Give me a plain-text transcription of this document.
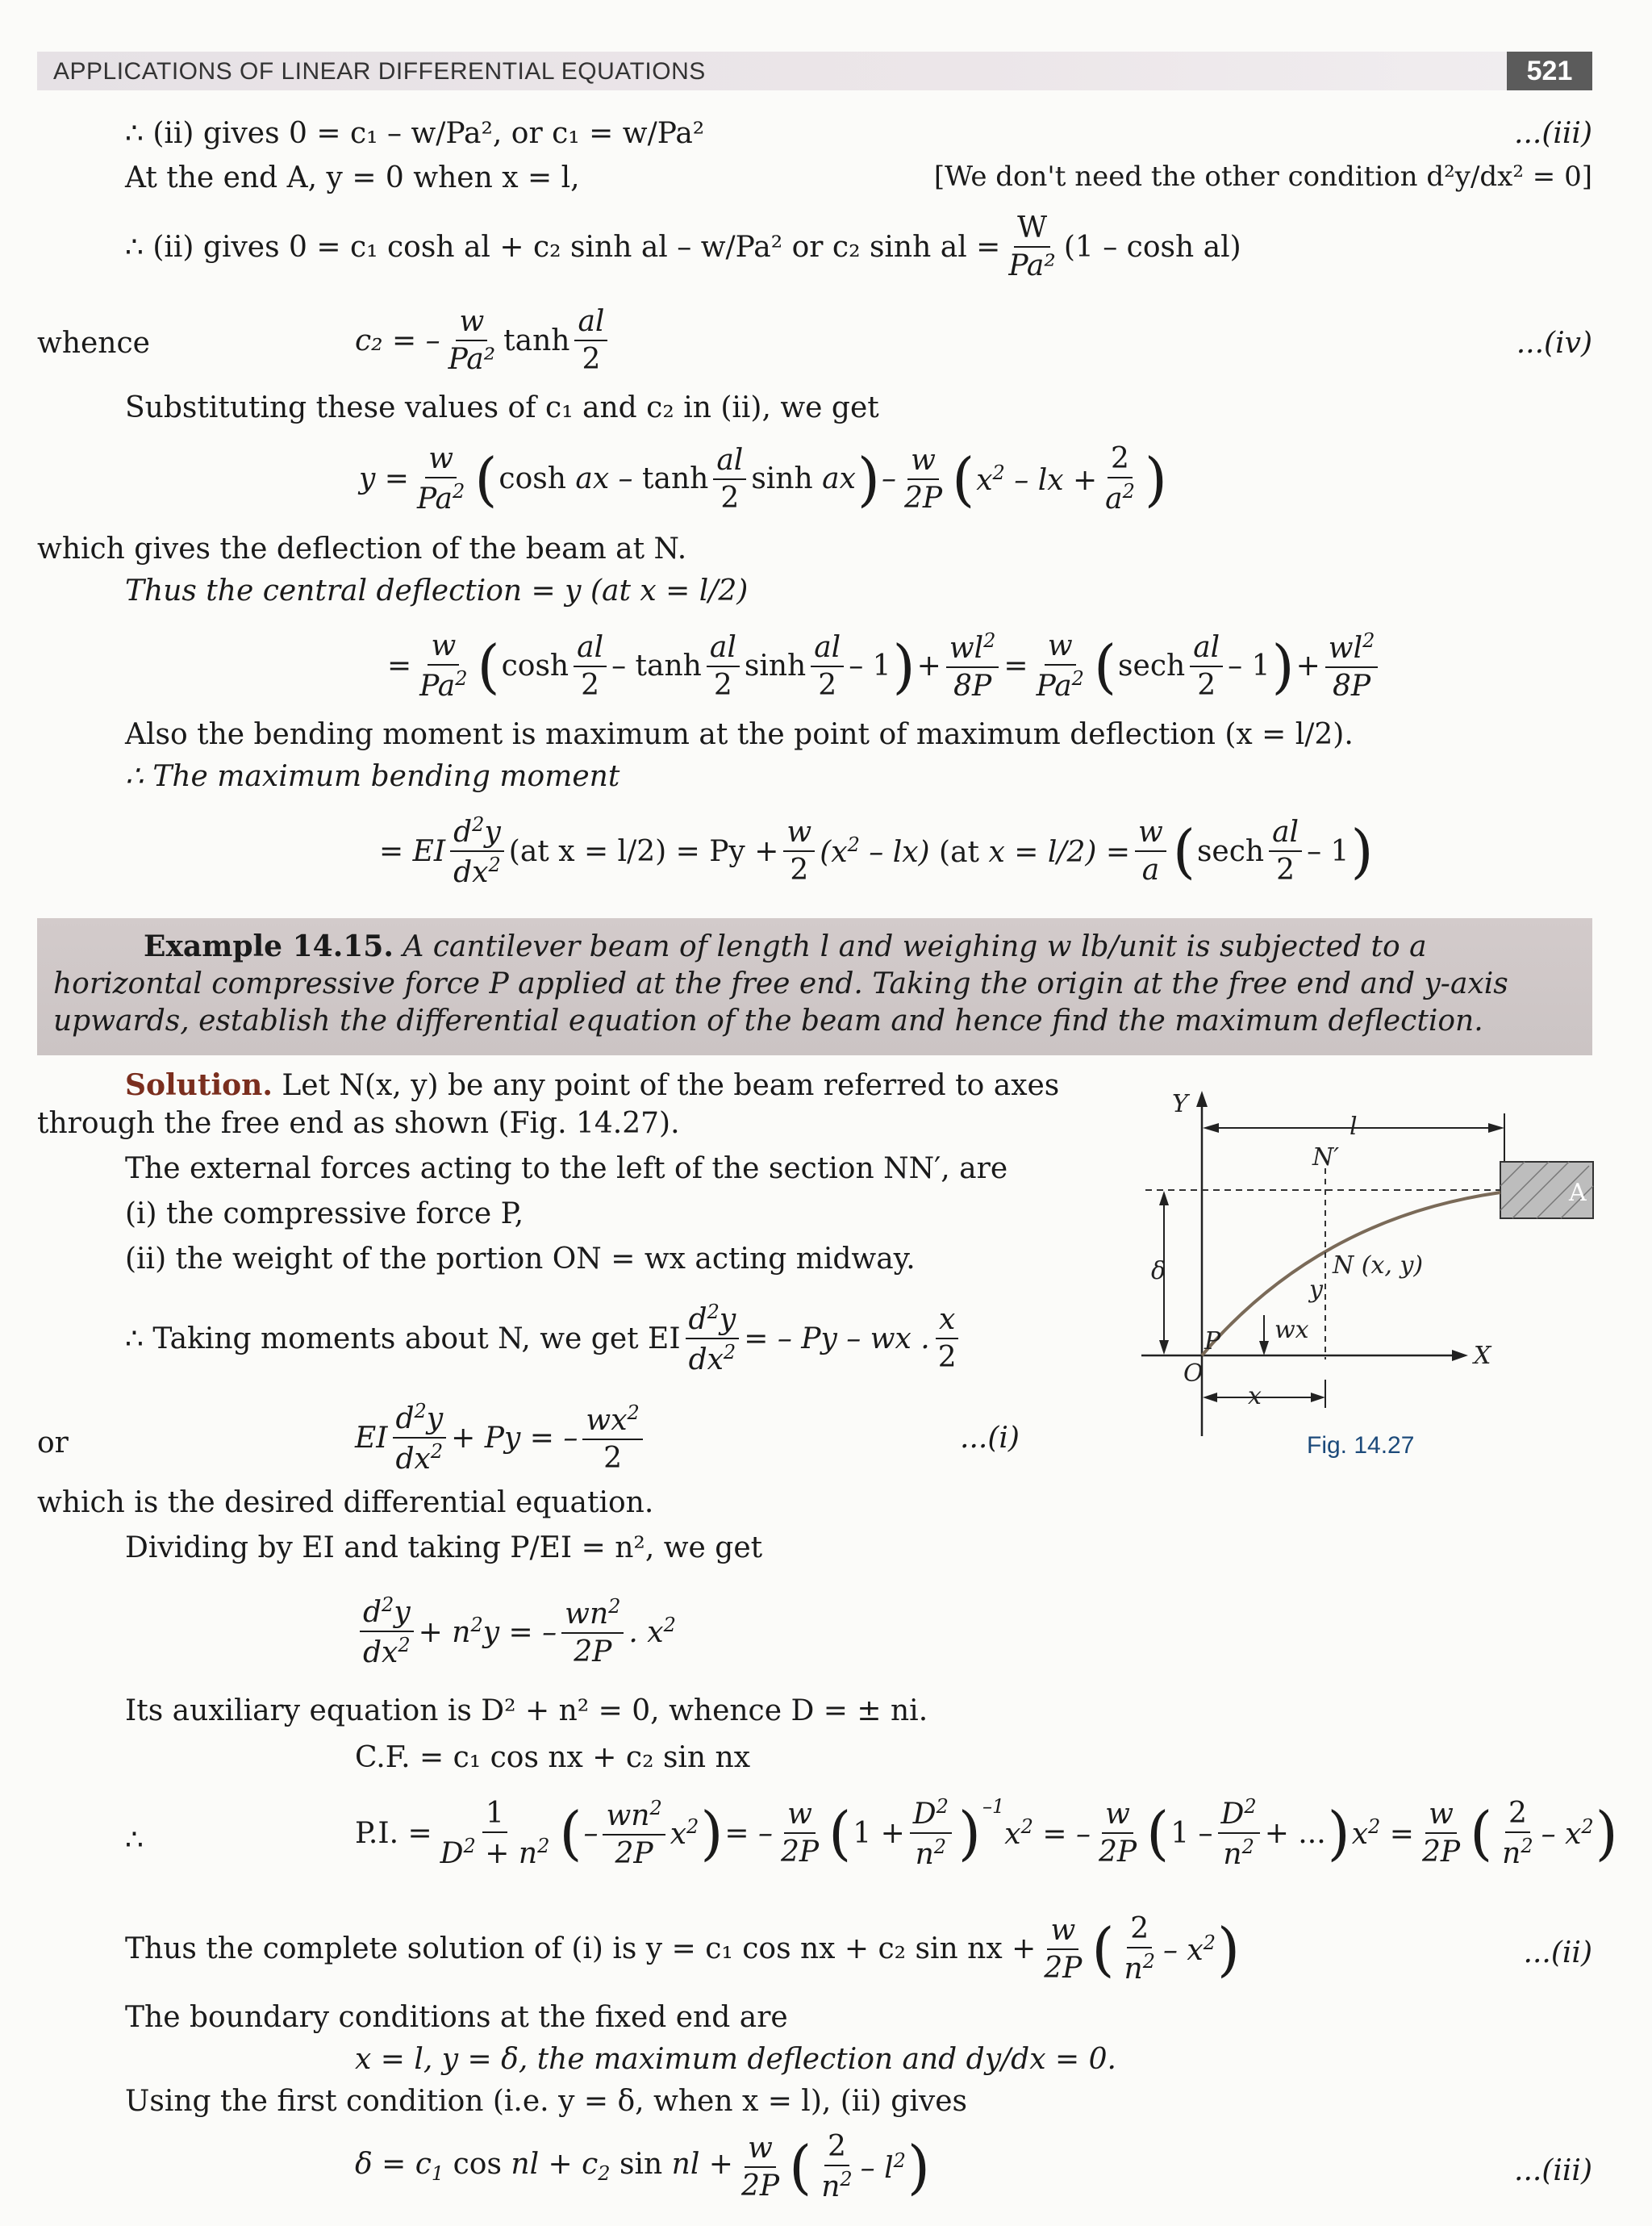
APPLICATIONS OF LINEAR DIFFERENTIAL EQUATIONS	521
∴ (ii) gives 0 = c₁ – w/Pa², or c₁ = w/Pa²	...(iii)
At the end A, y = 0 when x = l,	[We don't need the other condition d²y/dx² = 0]
∴ (ii) gives 0 = c₁ cosh al + c₂ sinh al – w/Pa² or c₂ sinh al = $\frac{W}{\text{Pa²}} (1$ – cosh al)
whence	c₂ = – $\frac{w}{\text{Pa²}}$ $\tanh \frac{al}{2}$	...(iv)
Substituting these values of c₁ and c₂ in (ii), we get
$y = \frac{w}{Pa^2}$ ( cosh ax – $\tanh \frac{al}{2}$ sinh ax ) – $\frac{w}{2P}$ ( $x^2$ – lx + $\frac{2}{a^2}$ )
which gives the deflection of the beam at N.
Thus the central deflection = y (at x = l/2)
= $\frac{w}{Pa^2}$ ( $\cosh \frac{al}{2}$ – $\tanh \frac{al}{2}$ $\sinh \frac{al}{2} - 1$ ) + $\frac{wl^2}{8P} = \frac{w}{Pa^2}$ ( sech $\frac{al}{2} - 1$ ) + $\frac{wl^2}{8P}$
Also the bending moment is maximum at the point of maximum deflection (x = l/2).
∴ The maximum bending moment
= EI $\frac{d^2y}{dx^2} (at$ $x = l/2) = Py + \frac{w}{2} (x^2 - lx)$ (at $x = l/2) = \frac{w}{a}$ ( sech $\frac{al}{2} - 1$ )
Example 14.15. A cantilever beam of length l and weighing w lb/unit is subjected to a horizontal compressive force P applied at the free end. Taking the origin at the free end and y-axis upwards, establish the differential equation of the beam and hence find the maximum deflection.
Solution. Let N(x, y) be any point of the beam referred to axes
through the free end as shown (Fig. 14.27).
The external forces acting to the left of the section NN′, are
(i) the compressive force P,
(ii) the weight of the portion ON = wx acting midway.
∴ Taking moments about N, we get EI $\frac{d^2y}{dx^2}$ = – Py – wx . $\frac{x}{2}$
or	EI $\frac{d^2y}{dx^2} + Py$ = – $\frac{wx^2}{2}$	...(i)
which is the desired differential equation.
Dividing by EI and taking P/EI = n², we get
$\frac{d^2y}{dx^2} + n^2y$ = – $\frac{wn^2}{2P}$ . $x^2$
Its auxiliary equation is D² + n² = 0, whence D = ± ni.
C.F. = c₁ cos nx + c₂ sin nx
∴	P.I. = $\frac{1}{D^2 + n^2}$ ( – $\frac{wn^2}{2P} x^2$ ) = – $\frac{w}{2P}$ ( $1 + \frac{D^2}{n^2} )^{-1}$
$x^2$ = – $\frac{w}{2P}$ ( $1 - \frac{D^2}{n^2}$ + ... ) $x^2 = \frac{w}{2P}$ ( $\frac{2}{n^2} - x^2$ )
Thus the complete solution of (i) is y = c₁ cos nx + c₂ sin nx + $\frac{w}{2P}$ ( $\frac{2}{n^2} - x^2$ )	...(ii)
The boundary conditions at the fixed end are
x = l, y = δ, the maximum deflection and dy/dx = 0.
Using the first condition (i.e. y = δ, when x = l), (ii) gives
$\delta = c_1$ cos nl + $c_2$ sin nl + $\frac{w}{2P}$ ( $\frac{2}{n^2} - l^2$ )	...(iii)
Y
X
O
P
A
N′
N (x, y)
l
δ
y
wx
x
Fig. 14.27
